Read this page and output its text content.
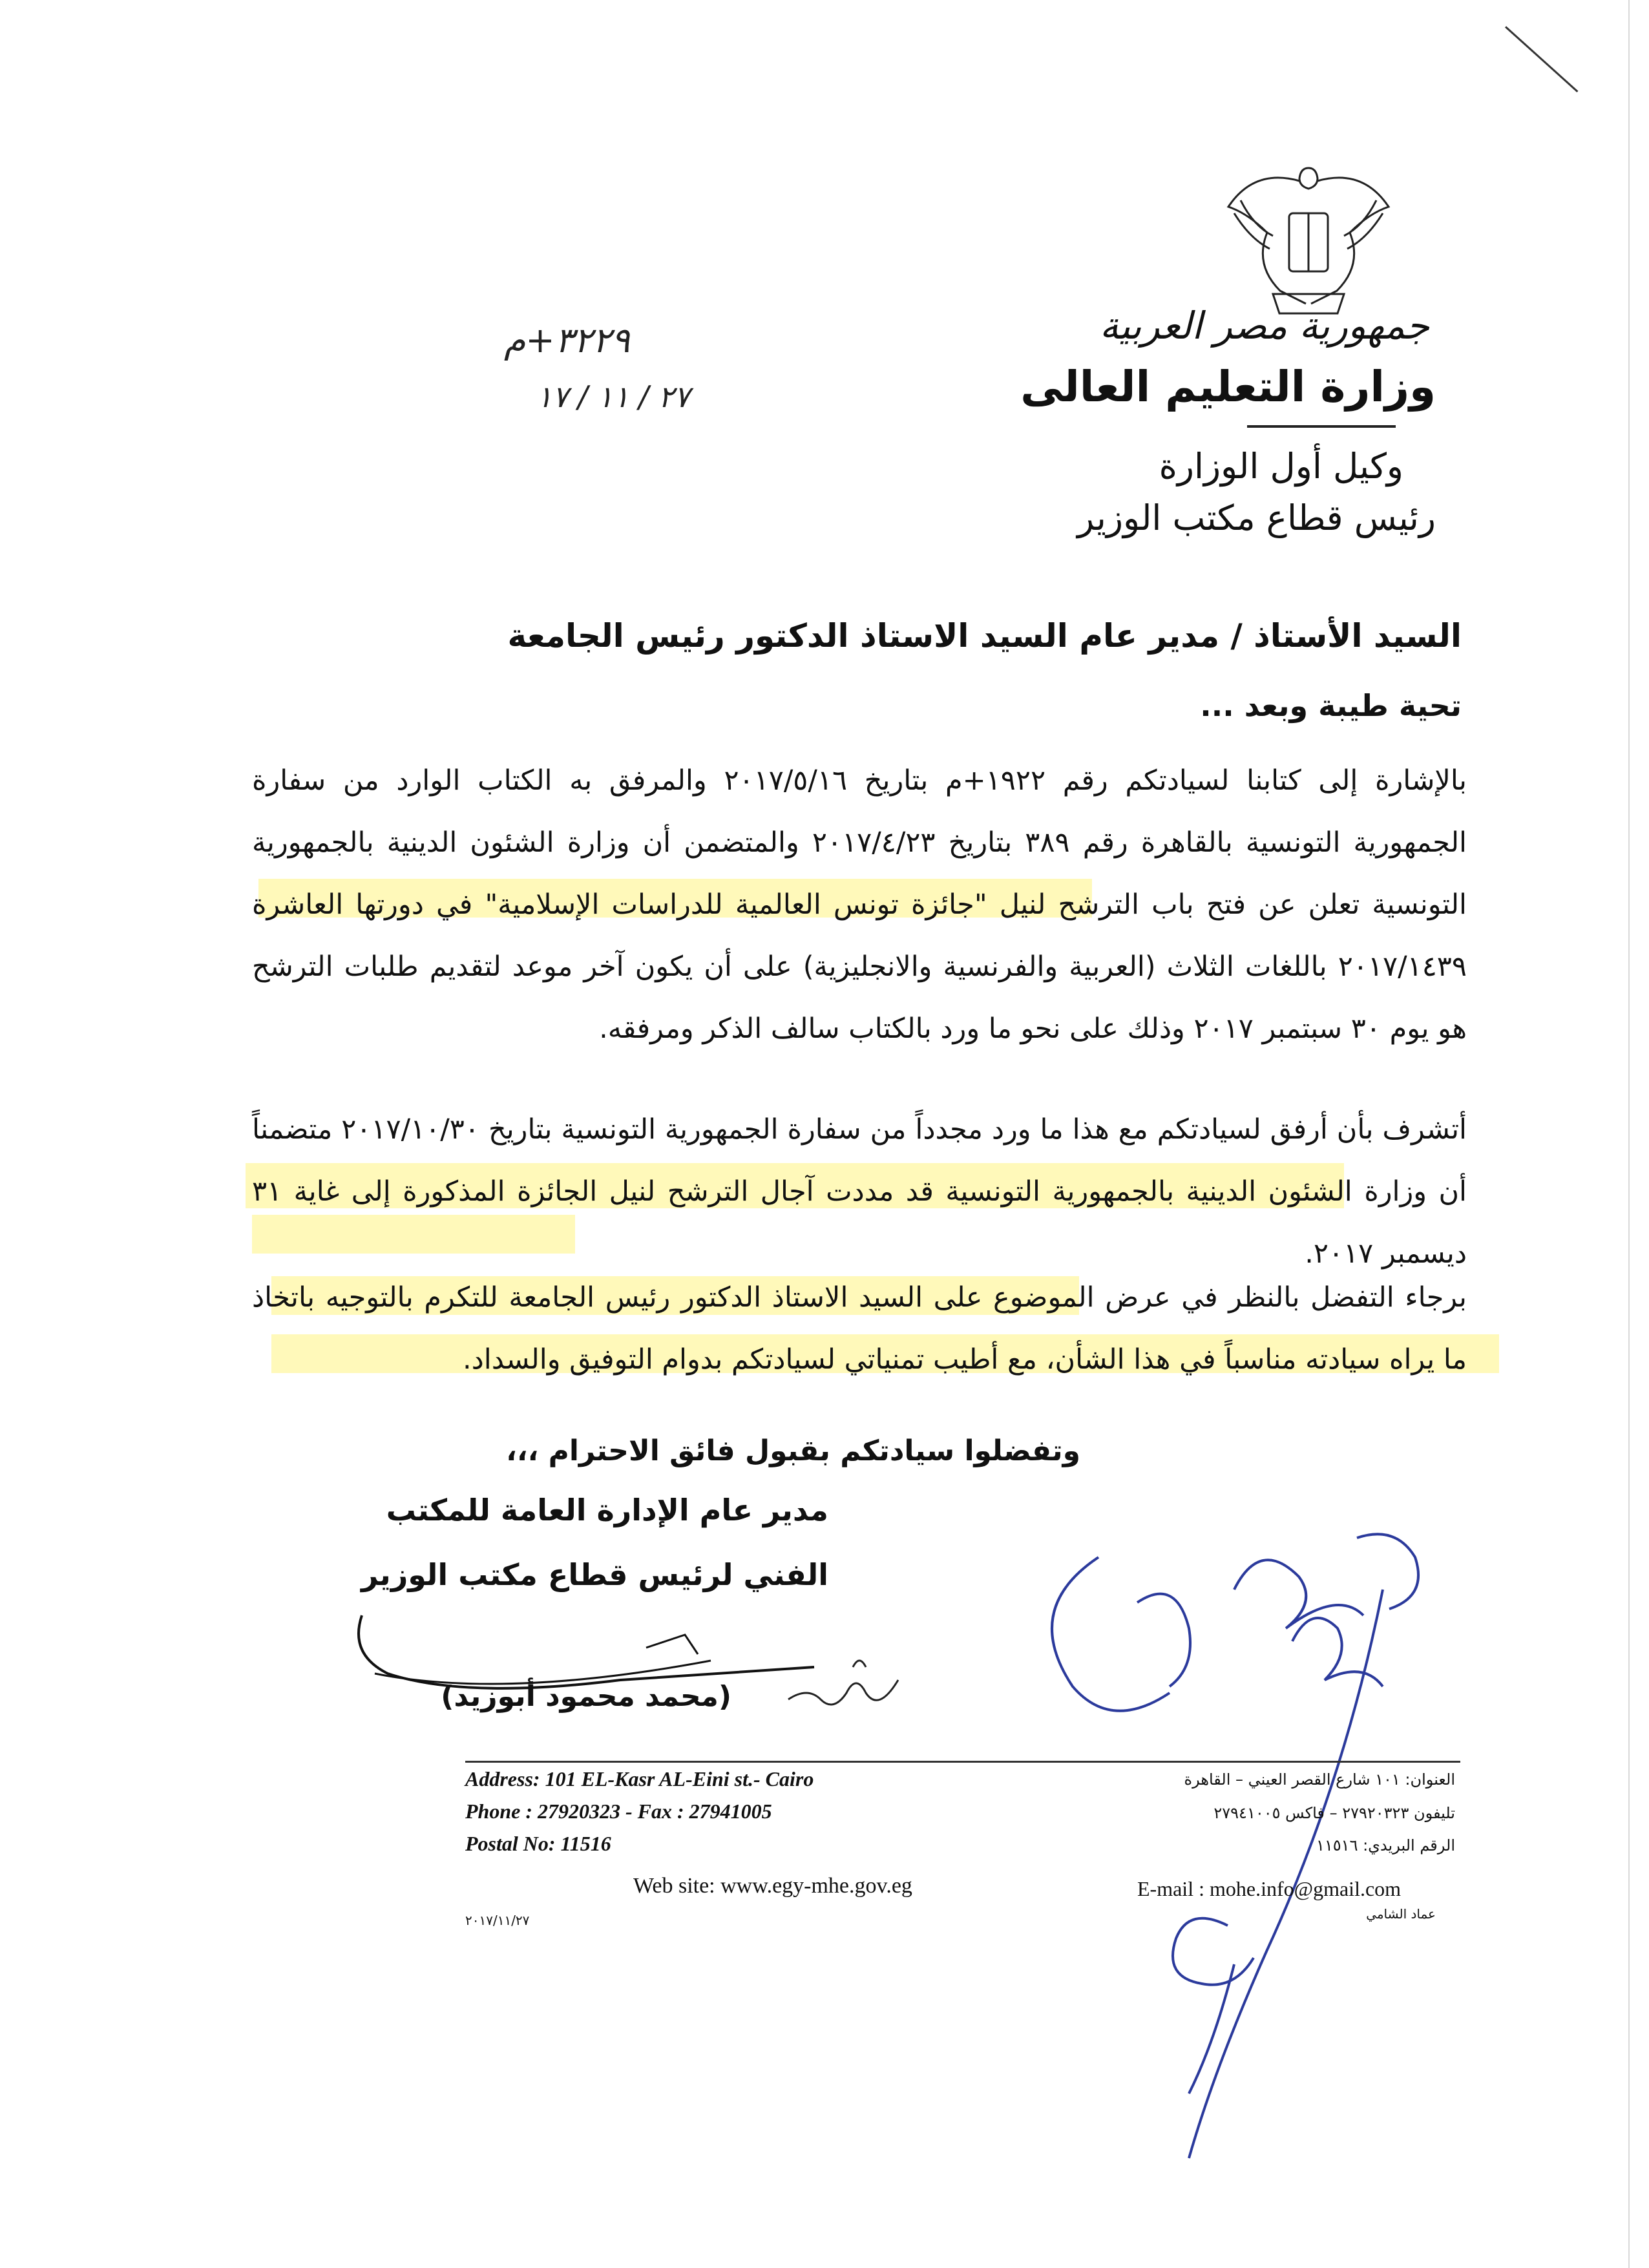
٣٢٢٩+م
٢٧ / ١١ / ١٧
جمهورية مصر العربية
وزارة التعليم العالى
وكيل أول الوزارة
رئيس قطاع مكتب الوزير
السيد الأستاذ / مدير عام السيد الاستاذ الدكتور رئيس الجامعة
تحية طيبة وبعد ...
بالإشارة إلى كتابنا لسيادتكم رقم ١٩٢٢+م بتاريخ ٢٠١٧/٥/١٦ والمرفق به الكتاب الوارد من سفارة الجمهورية التونسية بالقاهرة رقم ٣٨٩ بتاريخ ٢٠١٧/٤/٢٣ والمتضمن أن وزارة الشئون الدينية بالجمهورية التونسية تعلن عن فتح باب الترشح لنيل "جائزة تونس العالمية للدراسات الإسلامية" في دورتها العاشرة ٢٠١٧/١٤٣٩ باللغات الثلاث (العربية والفرنسية والانجليزية) على أن يكون آخر موعد لتقديم طلبات الترشح هو يوم ٣٠ سبتمبر ٢٠١٧ وذلك على نحو ما ورد بالكتاب سالف الذكر ومرفقه.
أتشرف بأن أرفق لسيادتكم مع هذا ما ورد مجدداً من سفارة الجمهورية التونسية بتاريخ ٢٠١٧/١٠/٣٠ متضمناً أن وزارة الشئون الدينية بالجمهورية التونسية قد مددت آجال الترشح لنيل الجائزة المذكورة إلى غاية ٣١ ديسمبر ٢٠١٧.
برجاء التفضل بالنظر في عرض الموضوع على السيد الاستاذ الدكتور رئيس الجامعة للتكرم بالتوجيه باتخاذ ما يراه سيادته مناسباً في هذا الشأن، مع أطيب تمنياتي لسيادتكم بدوام التوفيق والسداد.
وتفضلوا سيادتكم بقبول فائق الاحترام ،،،
مدير عام الإدارة العامة للمكتب
الفني لرئيس قطاع مكتب الوزير
(محمد محمود أبوزيد)
Address: 101 EL-Kasr AL-Eini st.- Cairo
Phone : 27920323 - Fax : 27941005
Postal No: 11516
Web site: www.egy-mhe.gov.eg
العنوان: ١٠١ شارع القصر العيني – القاهرة
تليفون ٢٧٩٢٠٣٢٣ – فاكس ٢٧٩٤١٠٠٥
الرقم البريدي: ١١٥١٦
E-mail : mohe.info@gmail.com
عماد الشامي
٢٠١٧/١١/٢٧
